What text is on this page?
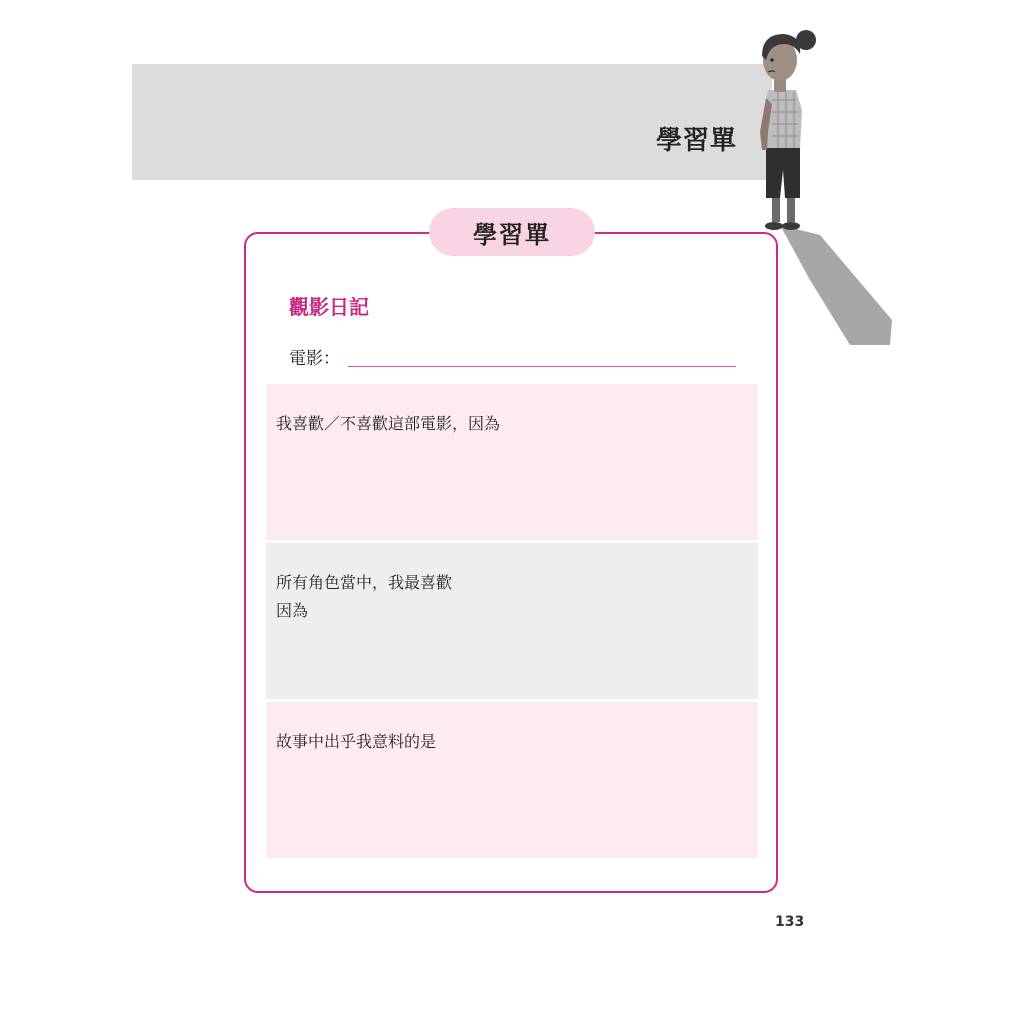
學習單
學習單
觀影日記
電影：
我喜歡／不喜歡這部電影，因為
所有角色當中，我最喜歡
因為
故事中出乎我意料的是
133
